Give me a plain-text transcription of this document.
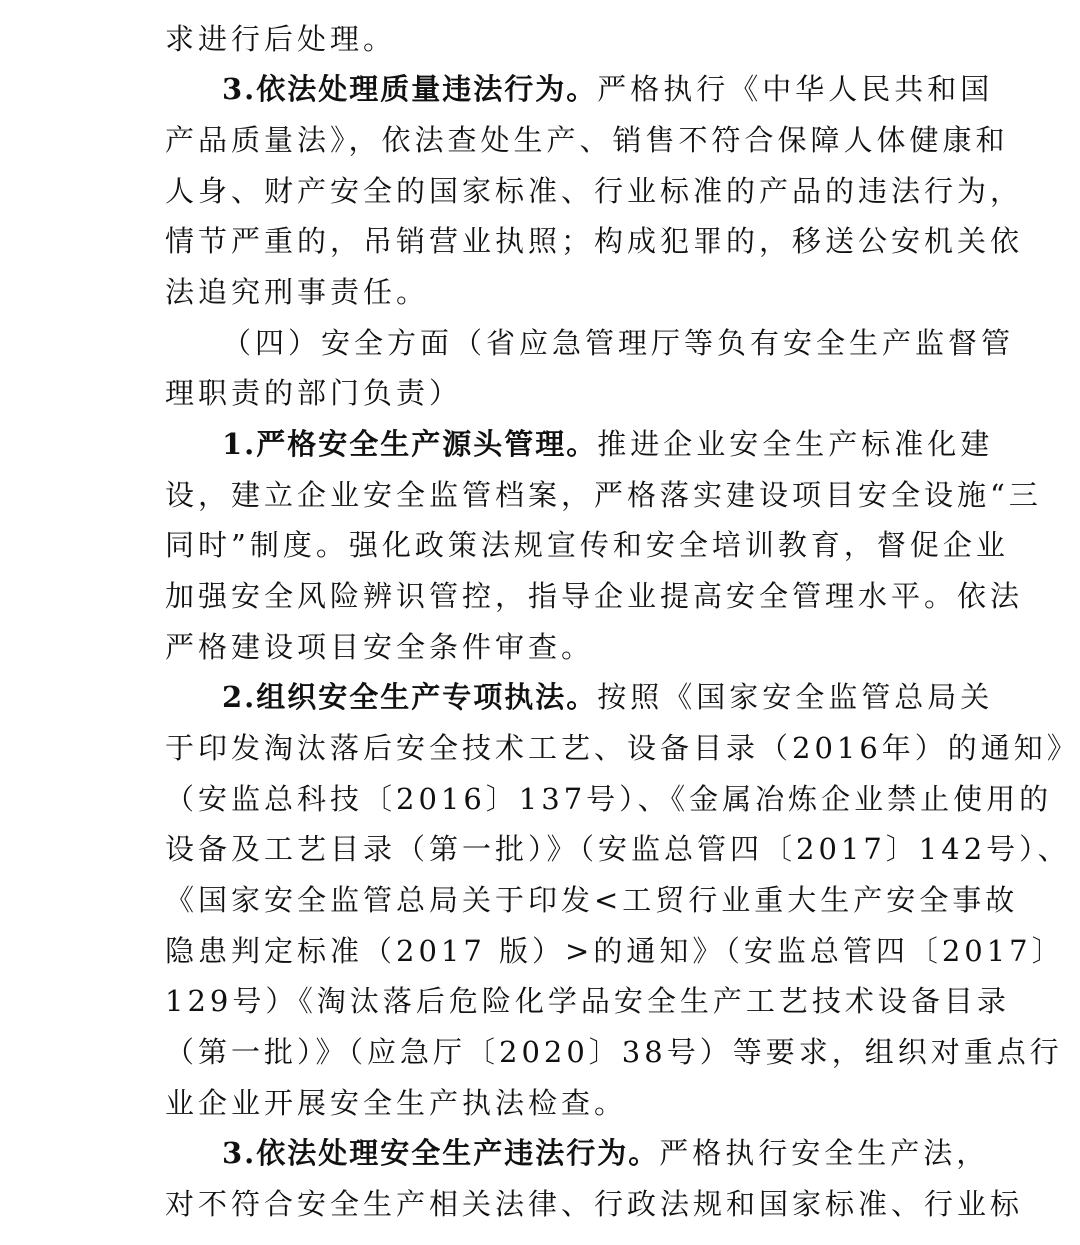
求进行后处理。
3.依法处理质量违法行为。严格执行《中华人民共和国
产品质量法》，依法查处生产、销售不符合保障人体健康和
人身、财产安全的国家标准、行业标准的产品的违法行为，
情节严重的，吊销营业执照；构成犯罪的，移送公安机关依
法追究刑事责任。
（四）安全方面（省应急管理厅等负有安全生产监督管
理职责的部门负责）
1.严格安全生产源头管理。推进企业安全生产标准化建
设，建立企业安全监管档案，严格落实建设项目安全设施“三
同时”制度。强化政策法规宣传和安全培训教育，督促企业
加强安全风险辨识管控，指导企业提高安全管理水平。依法
严格建设项目安全条件审查。
2.组织安全生产专项执法。按照《国家安全监管总局关
于印发淘汰落后安全技术工艺、设备目录（2016年）的通知》
（安监总科技〔2016〕137号）、《金属冶炼企业禁止使用的
设备及工艺目录（第一批）》（安监总管四〔2017〕142号）、
《国家安全监管总局关于印发<工贸行业重大生产安全事故
隐患判定标准（2017 版）>的通知》（安监总管四〔2017〕
129号）《淘汰落后危险化学品安全生产工艺技术设备目录
（第一批）》（应急厅〔2020〕38号）等要求，组织对重点行
业企业开展安全生产执法检查。
3.依法处理安全生产违法行为。严格执行安全生产法，
对不符合安全生产相关法律、行政法规和国家标准、行业标
